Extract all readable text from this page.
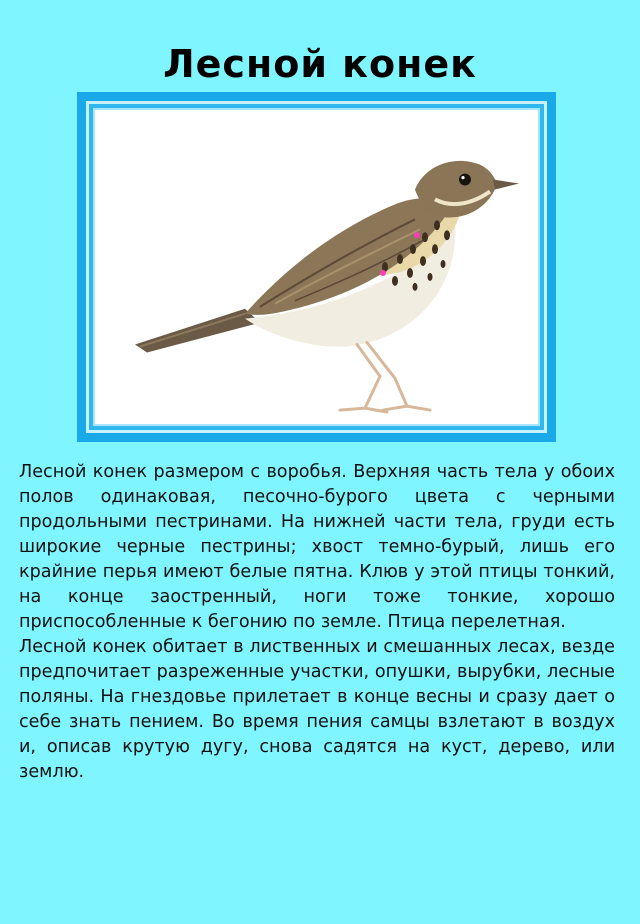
Лесной конек

Лесной конек размером с воробья. Верхняя часть тела у обоих полов одинаковая, песочно-бурого цвета с черными продольными пестринами. На нижней части тела, груди есть широкие черные пестрины; хвост темно-бурый, лишь его крайние перья имеют белые пятна. Клюв у этой птицы тонкий, на конце заостренный, ноги тоже тонкие, хорошо приспособленные к бегонию по земле. Птица перелетная.

Лесной конек обитает в лиственных и смешанных лесах, везде предпочитает разреженные участки, опушки, вырубки, лесные поляны. На гнездовье прилетает в конце весны и сразу дает о себе знать пением. Во время пения самцы взлетают в воздух и, описав крутую дугу, снова садятся на куст, дерево, или землю.
